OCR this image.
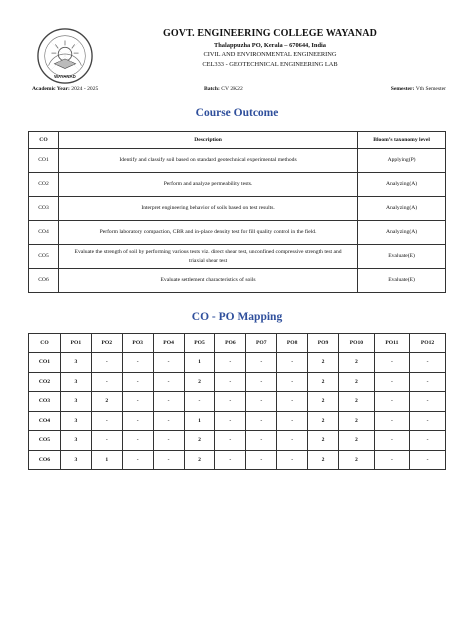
WAYANAD
GOVT. ENGINEERING COLLEGE WAYANAD
Thalappuzha PO, Kerala – 670644, India
CIVIL AND ENVIRONMENTAL ENGINEERING
CEL333 - GEOTECHNICAL ENGINEERING LAB
Academic Year: 2024 - 2025	Batch: CV 2K22	Semester: Vth Semester
Course Outcome
CO	Description	Bloom’s taxonomy level
CO1	Identify and classify soil based on standard geotechnical experimental methods	Applying(P)
CO2	Perform and analyze permeability tests.	Analyzing(A)
CO3	Interpret engineering behavior of soils based on test results.	Analyzing(A)
CO4	Perform laboratory compaction, CBR and in-place density test for fill quality control in the field.	Analyzing(A)
CO5	Evaluate the strength of soil by performing various tests viz. direct shear test, unconfined compressive strength test and triaxial shear test	Evaluate(E)
CO6	Evaluate settlement characteristics of soils	Evaluate(E)
CO - PO Mapping
CO	PO1	PO2	PO3	PO4	PO5	PO6	PO7	PO8	PO9	PO10	PO11	PO12
CO1	3	-	-	-	1	-	-	-	2	2	-	-
CO2	3	-	-	-	2	-	-	-	2	2	-	-
CO3	3	2	-	-	-	-	-	-	2	2	-	-
CO4	3	-	-	-	1	-	-	-	2	2	-	-
CO5	3	-	-	-	2	-	-	-	2	2	-	-
CO6	3	1	-	-	2	-	-	-	2	2	-	-
